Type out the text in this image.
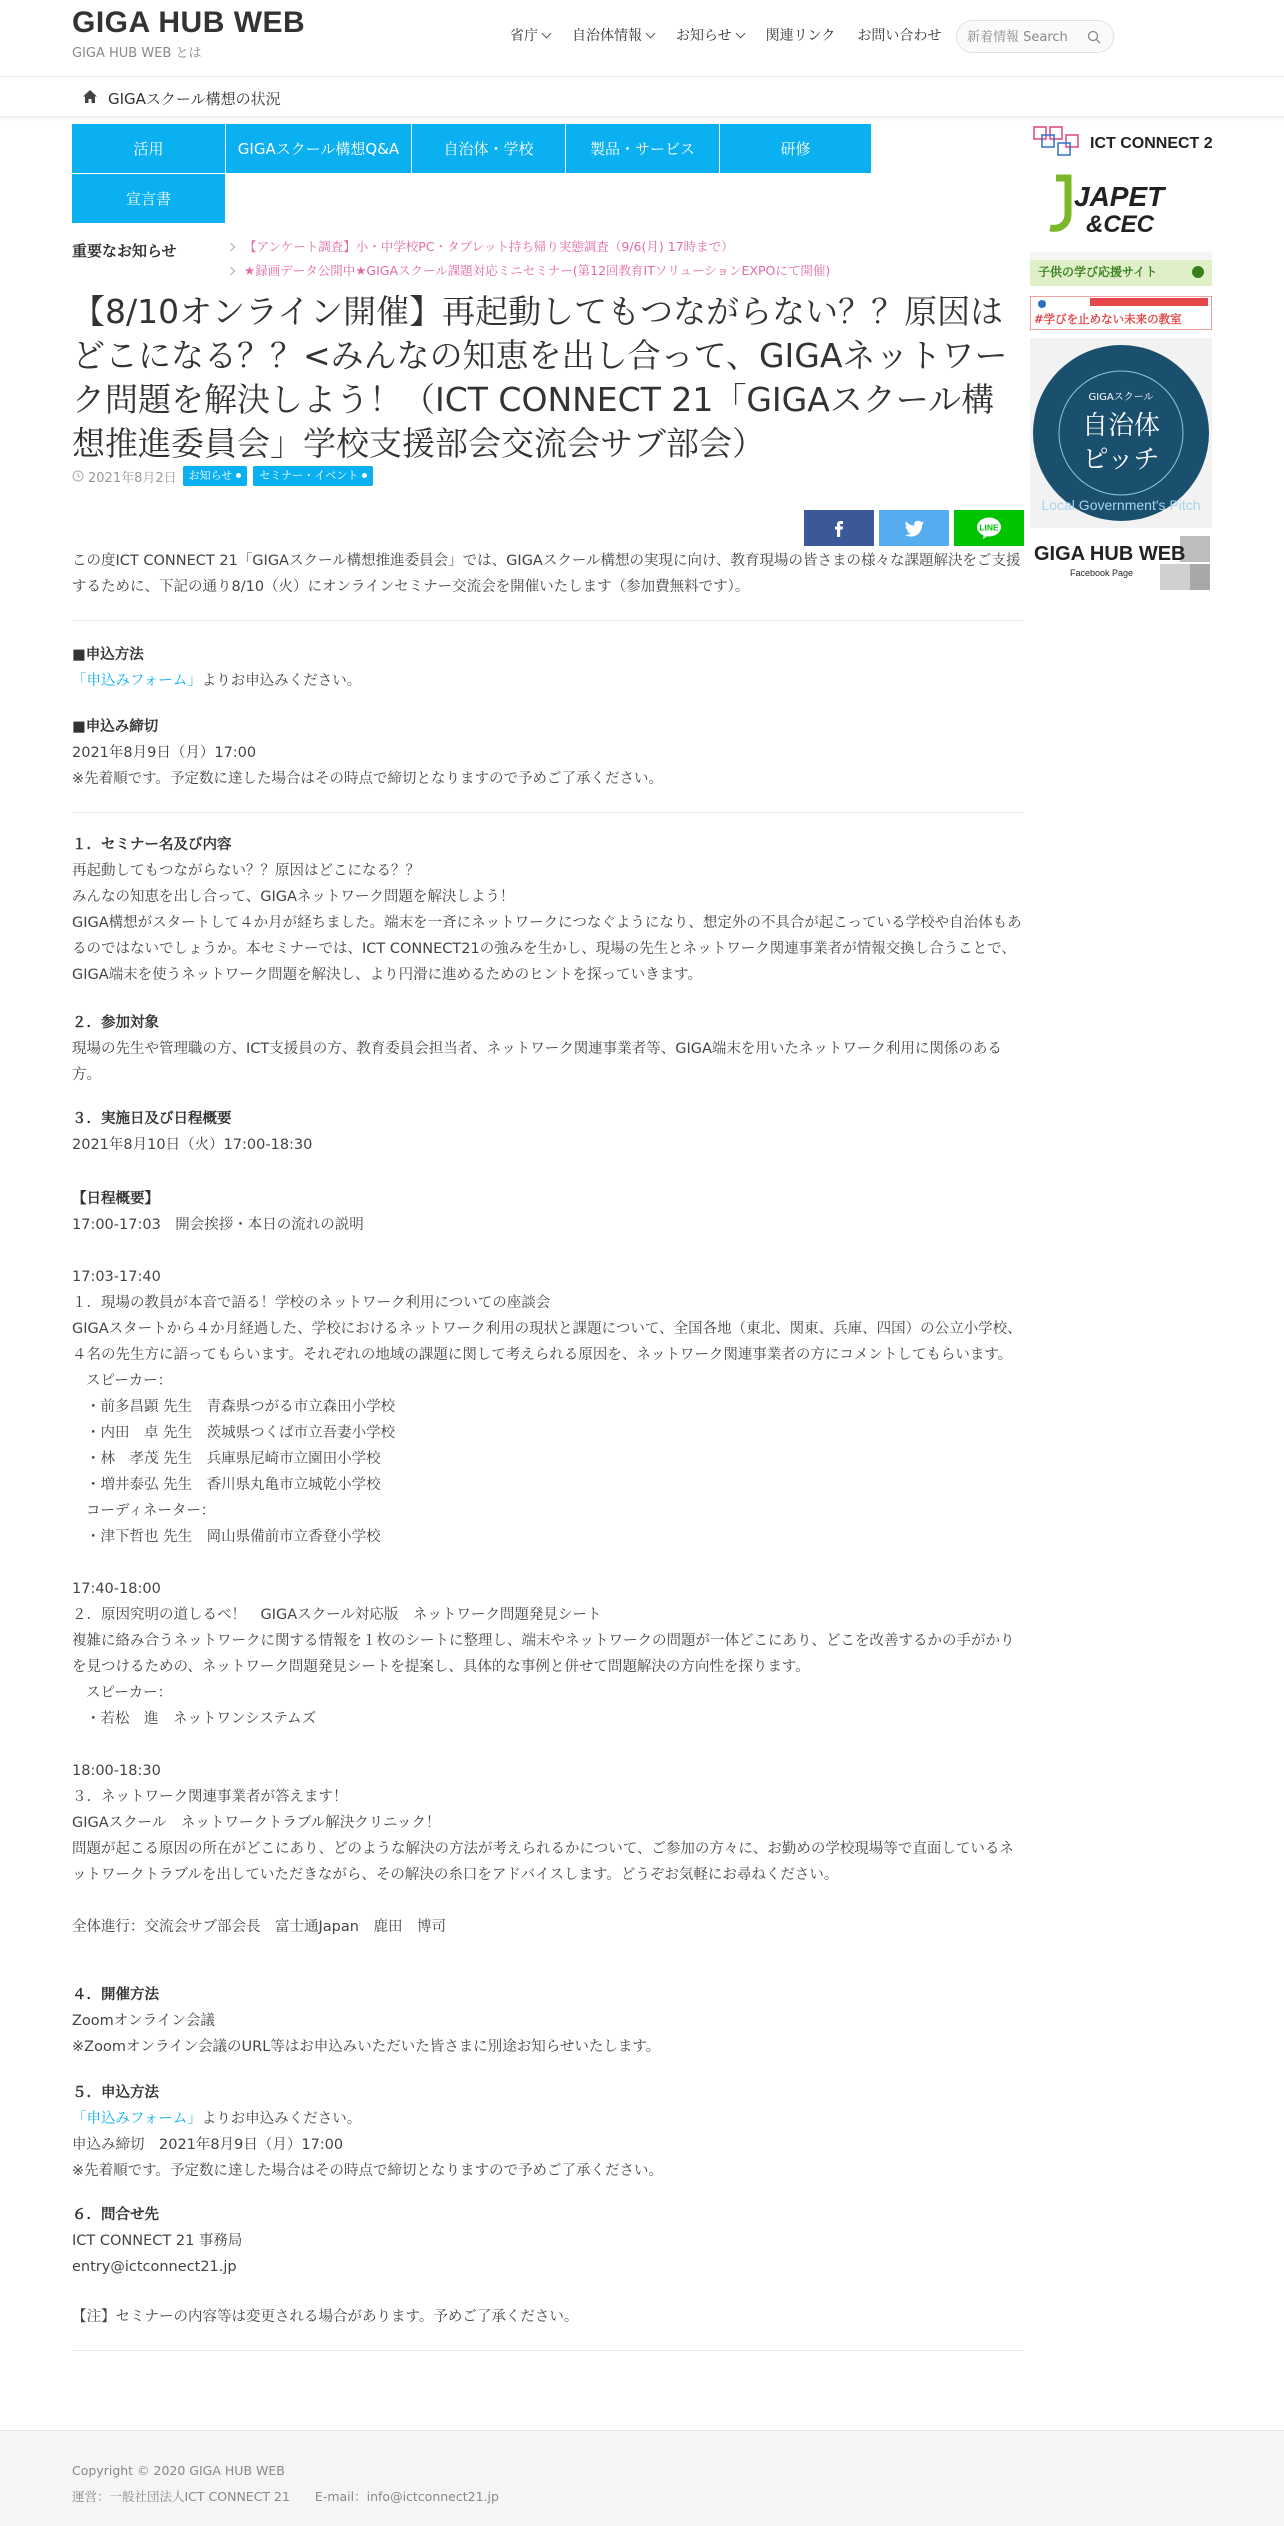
GIGA HUB WEB
GIGA HUB WEB とは
省庁	自治体情報	お知らせ	関連リンク お問い合わせ
新着情報 Search
GIGAスクール構想の状況
活用	GIGAスクール構想Q&A	自治体・学校	製品・サービス	研修
宣言書
重要なお知らせ	【アンケート調査】小・中学校PC・タブレット持ち帰り実態調査（9/6(月) 17時まで）
★録画データ公開中★GIGAスクール課題対応ミニセミナー(第12回教育ITソリューションEXPOにて開催)
【8/10オンライン開催】再起動してもつながらない？？原因はどこになる？？<みんなの知恵を出し合って、GIGAネットワーク問題を解決しよう！（ICT CONNECT 21「GIGAスクール構想推進委員会」学校支援部会交流会サブ部会）
2021年8月2日	お知らせ	セミナー・イベント
LINE
この度ICT CONNECT 21「GIGAスクール構想推進委員会」では、GIGAスクール構想の実現に向け、教育現場の皆さまの様々な課題解決をご支援するために、下記の通り8/10（火）にオンラインセミナー交流会を開催いたします（参加費無料です）。
■申込方法
「申込みフォーム」よりお申込みください。
■申込み締切
2021年8月9日（月）17:00
※先着順です。予定数に達した場合はその時点で締切となりますので予めご了承ください。
１．セミナー名及び内容
再起動してもつながらない？？原因はどこになる？？
みんなの知恵を出し合って、GIGAネットワーク問題を解決しよう！
GIGA構想がスタートして４か月が経ちました。端末を一斉にネットワークにつなぐようになり、想定外の不具合が起こっている学校や自治体もあるのではないでしょうか。本セミナーでは、ICT CONNECT21の強みを生かし、現場の先生とネットワーク関連事業者が情報交換し合うことで、GIGA端末を使うネットワーク問題を解決し、より円滑に進めるためのヒントを探っていきます。
２．参加対象
現場の先生や管理職の方、ICT支援員の方、教育委員会担当者、ネットワーク関連事業者等、GIGA端末を用いたネットワーク利用に関係のある方。
３．実施日及び日程概要
2021年8月10日（火）17:00-18:30
【日程概要】
17:00-17:03　開会挨拶・本日の流れの説明
17:03-17:40
１．現場の教員が本音で語る！学校のネットワーク利用についての座談会
GIGAスタートから４か月経過した、学校におけるネットワーク利用の現状と課題について、全国各地（東北、関東、兵庫、四国）の公立小学校、４名の先生方に語ってもらいます。それぞれの地域の課題に関して考えられる原因を、ネットワーク関連事業者の方にコメントしてもらいます。
スピーカー：
・前多昌顕 先生　青森県つがる市立森田小学校
・内田　卓 先生　茨城県つくば市立吾妻小学校
・林　孝茂 先生　兵庫県尼崎市立園田小学校
・増井泰弘 先生　香川県丸亀市立城乾小学校
コーディネーター：
・津下哲也 先生　岡山県備前市立香登小学校
17:40-18:00
２．原因究明の道しるべ！　GIGAスクール対応版　ネットワーク問題発見シート
複雑に絡み合うネットワークに関する情報を１枚のシートに整理し、端末やネットワークの問題が一体どこにあり、どこを改善するかの手がかりを見つけるための、ネットワーク問題発見シートを提案し、具体的な事例と併せて問題解決の方向性を探ります。
スピーカー：
・若松　進　ネットワンシステムズ
18:00-18:30
３．ネットワーク関連事業者が答えます！
GIGAスクール　ネットワークトラブル解決クリニック！
問題が起こる原因の所在がどこにあり、どのような解決の方法が考えられるかについて、ご参加の方々に、お勤めの学校現場等で直面しているネットワークトラブルを出していただきながら、その解決の糸口をアドバイスします。どうぞお気軽にお尋ねください。
全体進行：交流会サブ部会長　富士通Japan　鹿田　博司
４．開催方法
Zoomオンライン会議
※Zoomオンライン会議のURL等はお申込みいただいた皆さまに別途お知らせいたします。
５．申込方法
「申込みフォーム」よりお申込みください。
申込み締切　2021年8月9日（月）17:00
※先着順です。予定数に達した場合はその時点で締切となりますので予めご了承ください。
６．問合せ先
ICT CONNECT 21 事務局
entry@ictconnect21.jp
【注】セミナーの内容等は変更される場合があります。予めご了承ください。
ICT CONNECT 21
JAPET
&CEC
子供の学び応援サイト
#学びを止めない未来の教室
GIGAスクール
自治体
ピッチ
Local Government's Pitch
GIGA HUB WEB
Facebook Page
Copyright © 2020 GIGA HUB WEB
運営：一般社団法人ICT CONNECT 21　　E-mail：info@ictconnect21.jp
